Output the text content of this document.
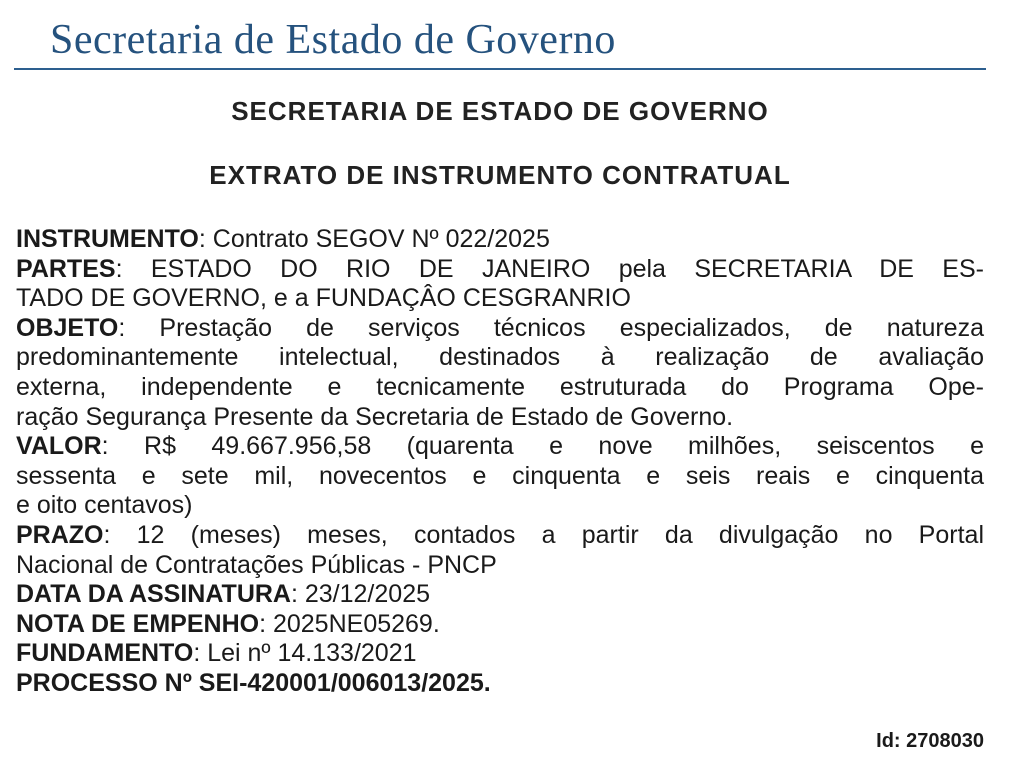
Secretaria de Estado de Governo
SECRETARIA DE ESTADO DE GOVERNO
EXTRATO DE INSTRUMENTO CONTRATUAL
INSTRUMENTO: Contrato SEGOV Nº 022/2025
PARTES: ESTADO DO RIO DE JANEIRO pela SECRETARIA DE ES-
TADO DE GOVERNO, e a FUNDAÇÂO CESGRANRIO
OBJETO: Prestação de serviços técnicos especializados, de natureza
predominantemente intelectual, destinados à realização de avaliação
externa, independente e tecnicamente estruturada do Programa Ope-
ração Segurança Presente da Secretaria de Estado de Governo.
VALOR: R$ 49.667.956,58 (quarenta e nove milhões, seiscentos e
sessenta e sete mil, novecentos e cinquenta e seis reais e cinquenta
e oito centavos)
PRAZO: 12 (meses) meses, contados a partir da divulgação no Portal
Nacional de Contratações Públicas - PNCP
DATA DA ASSINATURA: 23/12/2025
NOTA DE EMPENHO: 2025NE05269.
FUNDAMENTO: Lei nº 14.133/2021
PROCESSO Nº SEI-420001/006013/2025.
Id: 2708030
